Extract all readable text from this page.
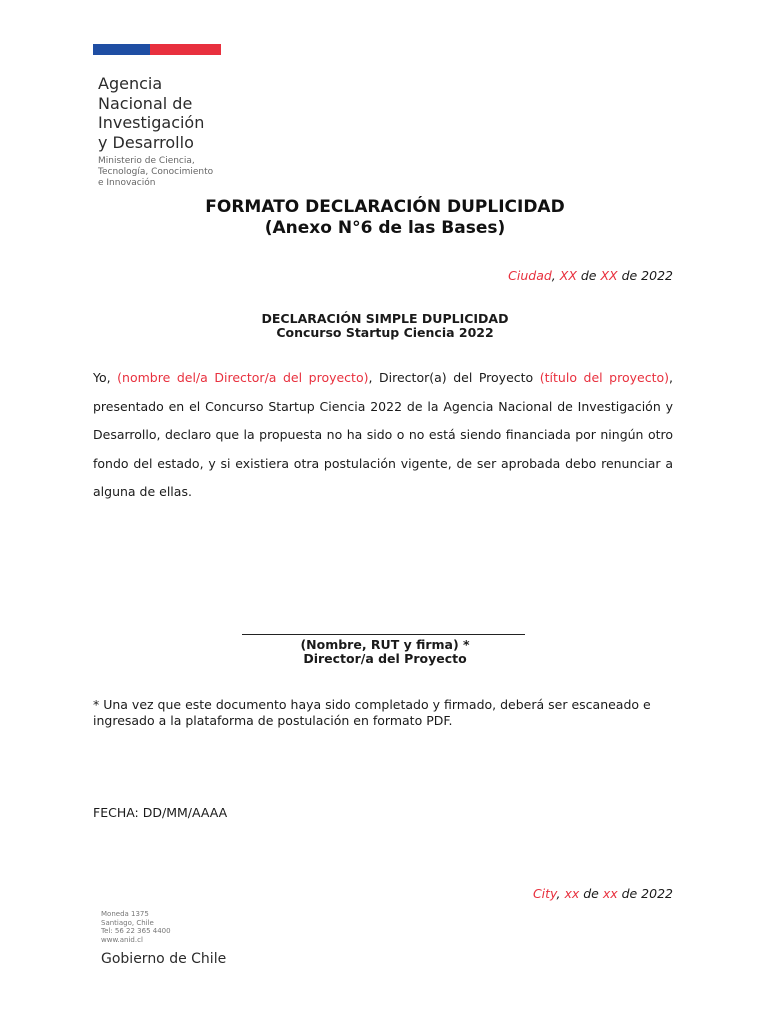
Agencia
Nacional de
Investigación
y Desarrollo
Ministerio de Ciencia,
Tecnología, Conocimiento
e Innovación
FORMATO DECLARACIÓN DUPLICIDAD
(Anexo N°6 de las Bases)
Ciudad, XX de XX de 2022
DECLARACIÓN SIMPLE DUPLICIDAD
Concurso Startup Ciencia 2022
Yo, (nombre del/a Director/a del proyecto), Director(a) del Proyecto (título del proyecto), presentado en el Concurso Startup Ciencia 2022 de la Agencia Nacional de Investigación y Desarrollo, declaro que la propuesta no ha sido o no está siendo financiada por ningún otro fondo del estado, y si existiera otra postulación vigente, de ser aprobada debo renunciar a alguna de ellas.
(Nombre, RUT y firma) *
Director/a del Proyecto
* Una vez que este documento haya sido completado y firmado, deberá ser escaneado e ingresado a la plataforma de postulación en formato PDF.
FECHA: DD/MM/AAAA
City, xx de xx de 2022
Moneda 1375
Santiago, Chile
Tel: 56 22 365 4400
www.anid.cl
Gobierno de Chile
